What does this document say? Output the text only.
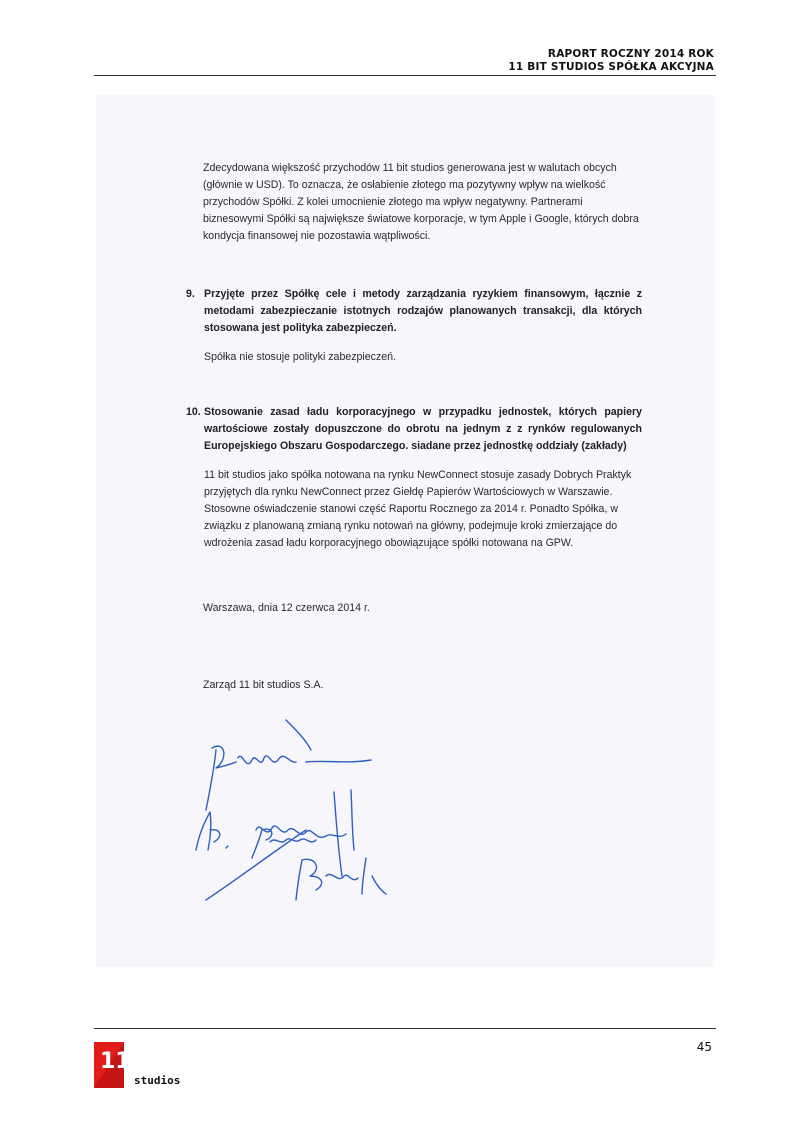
RAPORT ROCZNY 2014 ROK
11 BIT STUDIOS SPÓŁKA AKCYJNA

Zdecydowana większość przychodów 11 bit studios generowana jest w walutach obcych (głównie w USD). To oznacza, że osłabienie złotego ma pozytywny wpływ na wielkość przychodów Spółki. Z kolei umocnienie złotego ma wpływ negatywny. Partnerami biznesowymi Spółki są największe światowe korporacje, w tym Apple i Google, których dobra kondycja finansowej nie pozostawia wątpliwości.

9. Przyjęte przez Spółkę cele i metody zarządzania ryzykiem finansowym, łącznie z metodami zabezpieczanie istotnych rodzajów planowanych transakcji, dla których stosowana jest polityka zabezpieczeń.
Spółka nie stosuje polityki zabezpieczeń.
10. Stosowanie zasad ładu korporacyjnego w przypadku jednostek, których papiery wartościowe zostały dopuszczone do obrotu na jednym z z rynków regulowanych Europejskiego Obszaru Gospodarczego. siadane przez jednostkę oddziały (zakłady)
11 bit studios jako spółka notowana na rynku NewConnect stosuje zasady Dobrych Praktyk przyjętych dla rynku NewConnect przez Giełdę Papierów Wartościowych w Warszawie. Stosowne oświadczenie stanowi część Raportu Rocznego za 2014 r. Ponadto Spółka, w związku z planowaną zmianą rynku notowań na główny, podejmuje kroki zmierzające do wdrożenia zasad ładu korporacyjnego obowiązujące spółki notowana na GPW.
Warszawa, dnia 12 czerwca 2014 r.
Zarząd 11 bit studios S.A.
11bit
studios
45
